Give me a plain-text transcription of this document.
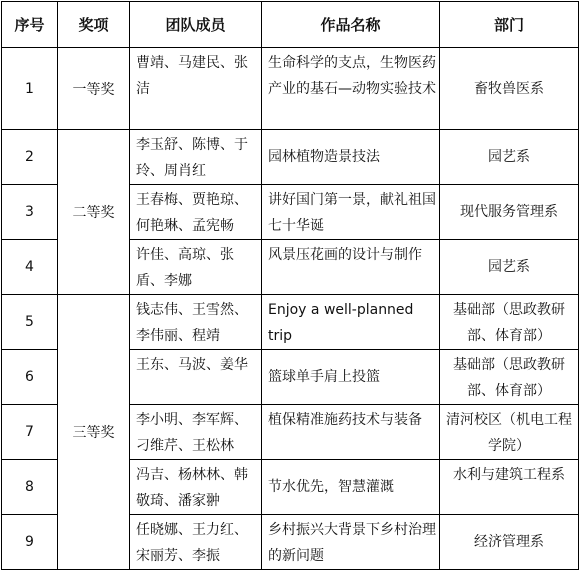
序号	奖项	团队成员	作品名称	部门
1	一等奖	曹靖、马建民、张洁	生命科学的支点，生物医药产业的基石—动物实验技术	畜牧兽医系
2	二等奖	李玉舒、陈博、于玲、周肖红	园林植物造景技法	园艺系
3		王春梅、贾艳琼、何艳琳、孟宪畅	讲好国门第一景，献礼祖国七十华诞	现代服务管理系
4		许佳、高琼、张盾、李娜	风景压花画的设计与制作	园艺系
5	三等奖	钱志伟、王雪然、李伟丽、程靖	Enjoy a well-planned trip	基础部（思政教研部、体育部）
6		王东、马波、姜华	篮球单手肩上投篮	基础部（思政教研部、体育部）
7		李小明、李军辉、刁维芹、王松林	植保精准施药技术与装备	清河校区（机电工程学院）
8		冯吉、杨林林、韩敬琦、潘家翀	节水优先，智慧灌溉	水利与建筑工程系
9		任晓娜、王力红、宋丽芳、李振	乡村振兴大背景下乡村治理的新问题	经济管理系
